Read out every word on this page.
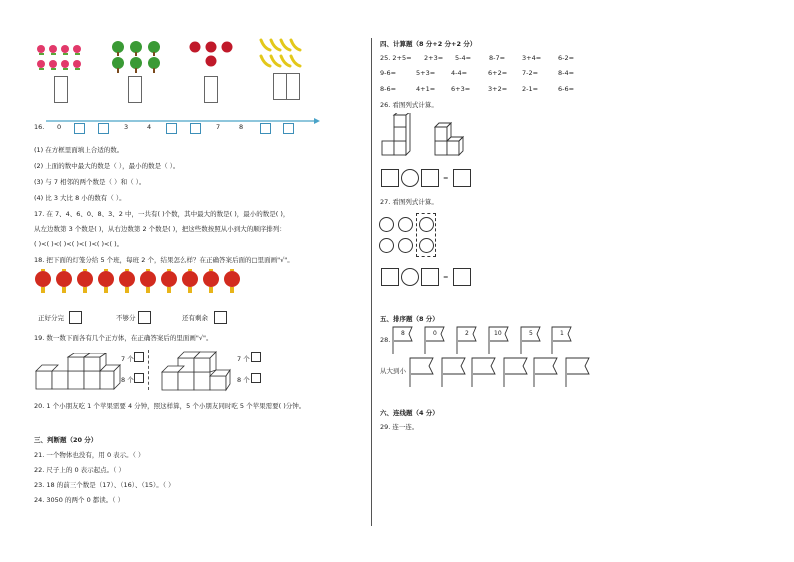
16. 0	3	4	7	8
(1) 在方框里面填上合适的数。
(2) 上面的数中最大的数是（ ），最小的数是（ ）。
(3) 与 7 相邻的两个数是（ ）和（ ）。
(4) 比 3 大比 8 小的数有（ ）。
17. 在 7、4、6、0、8、3、2 中，一共有( )个数，其中最大的数是( )，最小的数是( )，
从左边数第 3 个数是( )，从右边数第 2 个数是( )，把这些数按照从小到大的顺序排列：
( )<( )<( )<( )<( )<( )<( )。
18. 把下面的灯笼分给 5 个班，每班 2 个，结果怎么样？在正确答案后面的□里面画"√"。
正好分完	不够分	还有剩余
19. 数一数下面各有几个正方体，在正确答案后的里面画"√"。
7 个
8 个
7 个
8 个
20. 1 个小朋友吃 1 个苹果需要 4 分钟，照这样算，5 个小朋友同时吃 5 个苹果需要( )分钟。
三、判断题（20 分）
21. 一个物体也没有，用 0 表示。（ ）
22. 尺子上的 0 表示起点。（ ）
23. 18 的前三个数是（17）、（16）、（15）。（ ）
24. 3050 的两个 0 都读。（ ）
四、计算题（8 分+2 分+2 分）
25. 2+5= 2+3= 5-4=	8-7=	3+4=	6-2=
9-6=	5+3= 4-4=	6+2= 7-2=	8-4=
8-6=	4+1= 6+3=	3+2= 2-1=	6-6=
26. 看图列式计算。
=
27. 看图列式计算。
=
五、排序题（8 分）
28.
8	0	2	10	5	1
从大到小
六、连线题（4 分）
29. 连一连。
